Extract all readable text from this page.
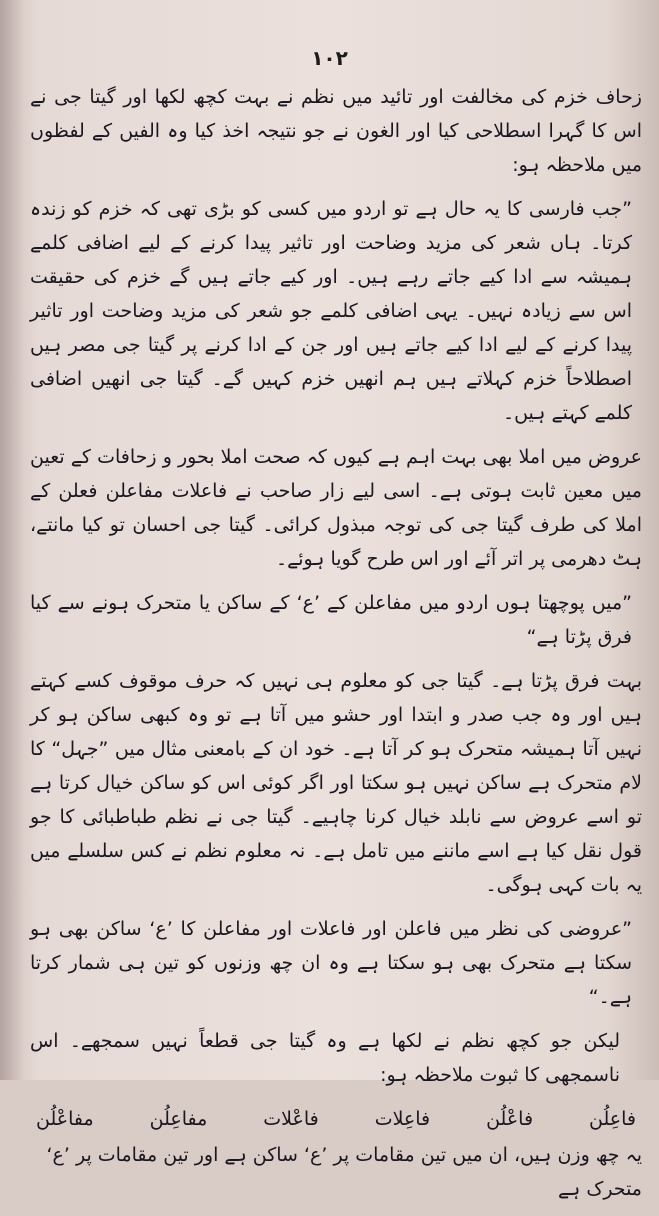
١٠٢

زحاف خزم کی مخالفت اور تائید میں نظم نے بہت کچھ لکھا اور گیتا جی نے اس کا گہرا اسطلاحی کیا اور الغون نے جو نتیجہ اخذ کیا وہ الفیں کے لفظوں میں ملاحظہ ہو:

”جب فارسی کا یہ حال ہے تو اردو میں کسی کو بڑی تھی کہ خزم کو زندہ کرتا۔ ہاں شعر کی مزید وضاحت اور تاثیر پیدا کرنے کے لیے اضافی کلمے ہمیشہ سے ادا کیے جاتے رہے ہیں۔ اور کیے جاتے ہیں گے خزم کی حقیقت اس سے زیادہ نہیں۔ یہی اضافی کلمے جو شعر کی مزید وضاحت اور تاثیر پیدا کرنے کے لیے ادا کیے جاتے ہیں اور جن کے ادا کرنے پر گیتا جی مصر ہیں اصطلاحاً خزم کہلاتے ہیں ہم انھیں خزم کہیں گے۔ گیتا جی انھیں اضافی کلمے کہتے ہیں۔

عروض میں املا بھی بہت اہم ہے کیوں کہ صحت املا بحور و زحافات کے تعین میں معین ثابت ہوتی ہے۔ اسی لیے زار صاحب نے فاعلات مفاعلن فعلن کے املا کی طرف گیتا جی کی توجہ مبذول کرائی۔ گیتا جی احسان تو کیا مانتے، ہٹ دھرمی پر اتر آئے اور اس طرح گویا ہوئے۔

”میں پوچھتا ہوں اردو میں مفاعلن کے ’ع‘ کے ساکن یا متحرک ہونے سے کیا فرق پڑتا ہے“

بہت فرق پڑتا ہے۔ گیتا جی کو معلوم ہی نہیں کہ حرف موقوف کسے کہتے ہیں اور وہ جب صدر و ابتدا اور حشو میں آتا ہے تو وہ کبھی ساکن ہو کر نہیں آتا ہمیشہ متحرک ہو کر آتا ہے۔ خود ان کے بامعنی مثال میں ”جہل“ کا لام متحرک ہے ساکن نہیں ہو سکتا اور اگر کوئی اس کو ساکن خیال کرتا ہے تو اسے عروض سے نابلد خیال کرنا چاہیے۔ گیتا جی نے نظم طباطبائی کا جو قول نقل کیا ہے اسے ماننے میں تامل ہے۔ نہ معلوم نظم نے کس سلسلے میں یہ بات کہی ہوگی۔

”عروضی کی نظر میں فاعلن اور فاعلات اور مفاعلن کا ’ع‘ ساکن بھی ہو سکتا ہے متحرک بھی ہو سکتا ہے وہ ان چھ وزنوں کو تین ہی شمار کرتا ہے۔“

لیکن جو کچھ نظم نے لکھا ہے وہ گیتا جی قطعاً نہیں سمجھے۔ اس ناسمجھی کا ثبوت ملاحظہ ہو:

فاعِلُن
فاعْلُن
فاعِلات
فاعْلات
مفاعِلُن
مفاعْلُن

یہ چھ وزن ہیں، ان میں تین مقامات پر ’ع‘ ساکن ہے اور تین مقامات پر ’ع‘ متحرک ہے
